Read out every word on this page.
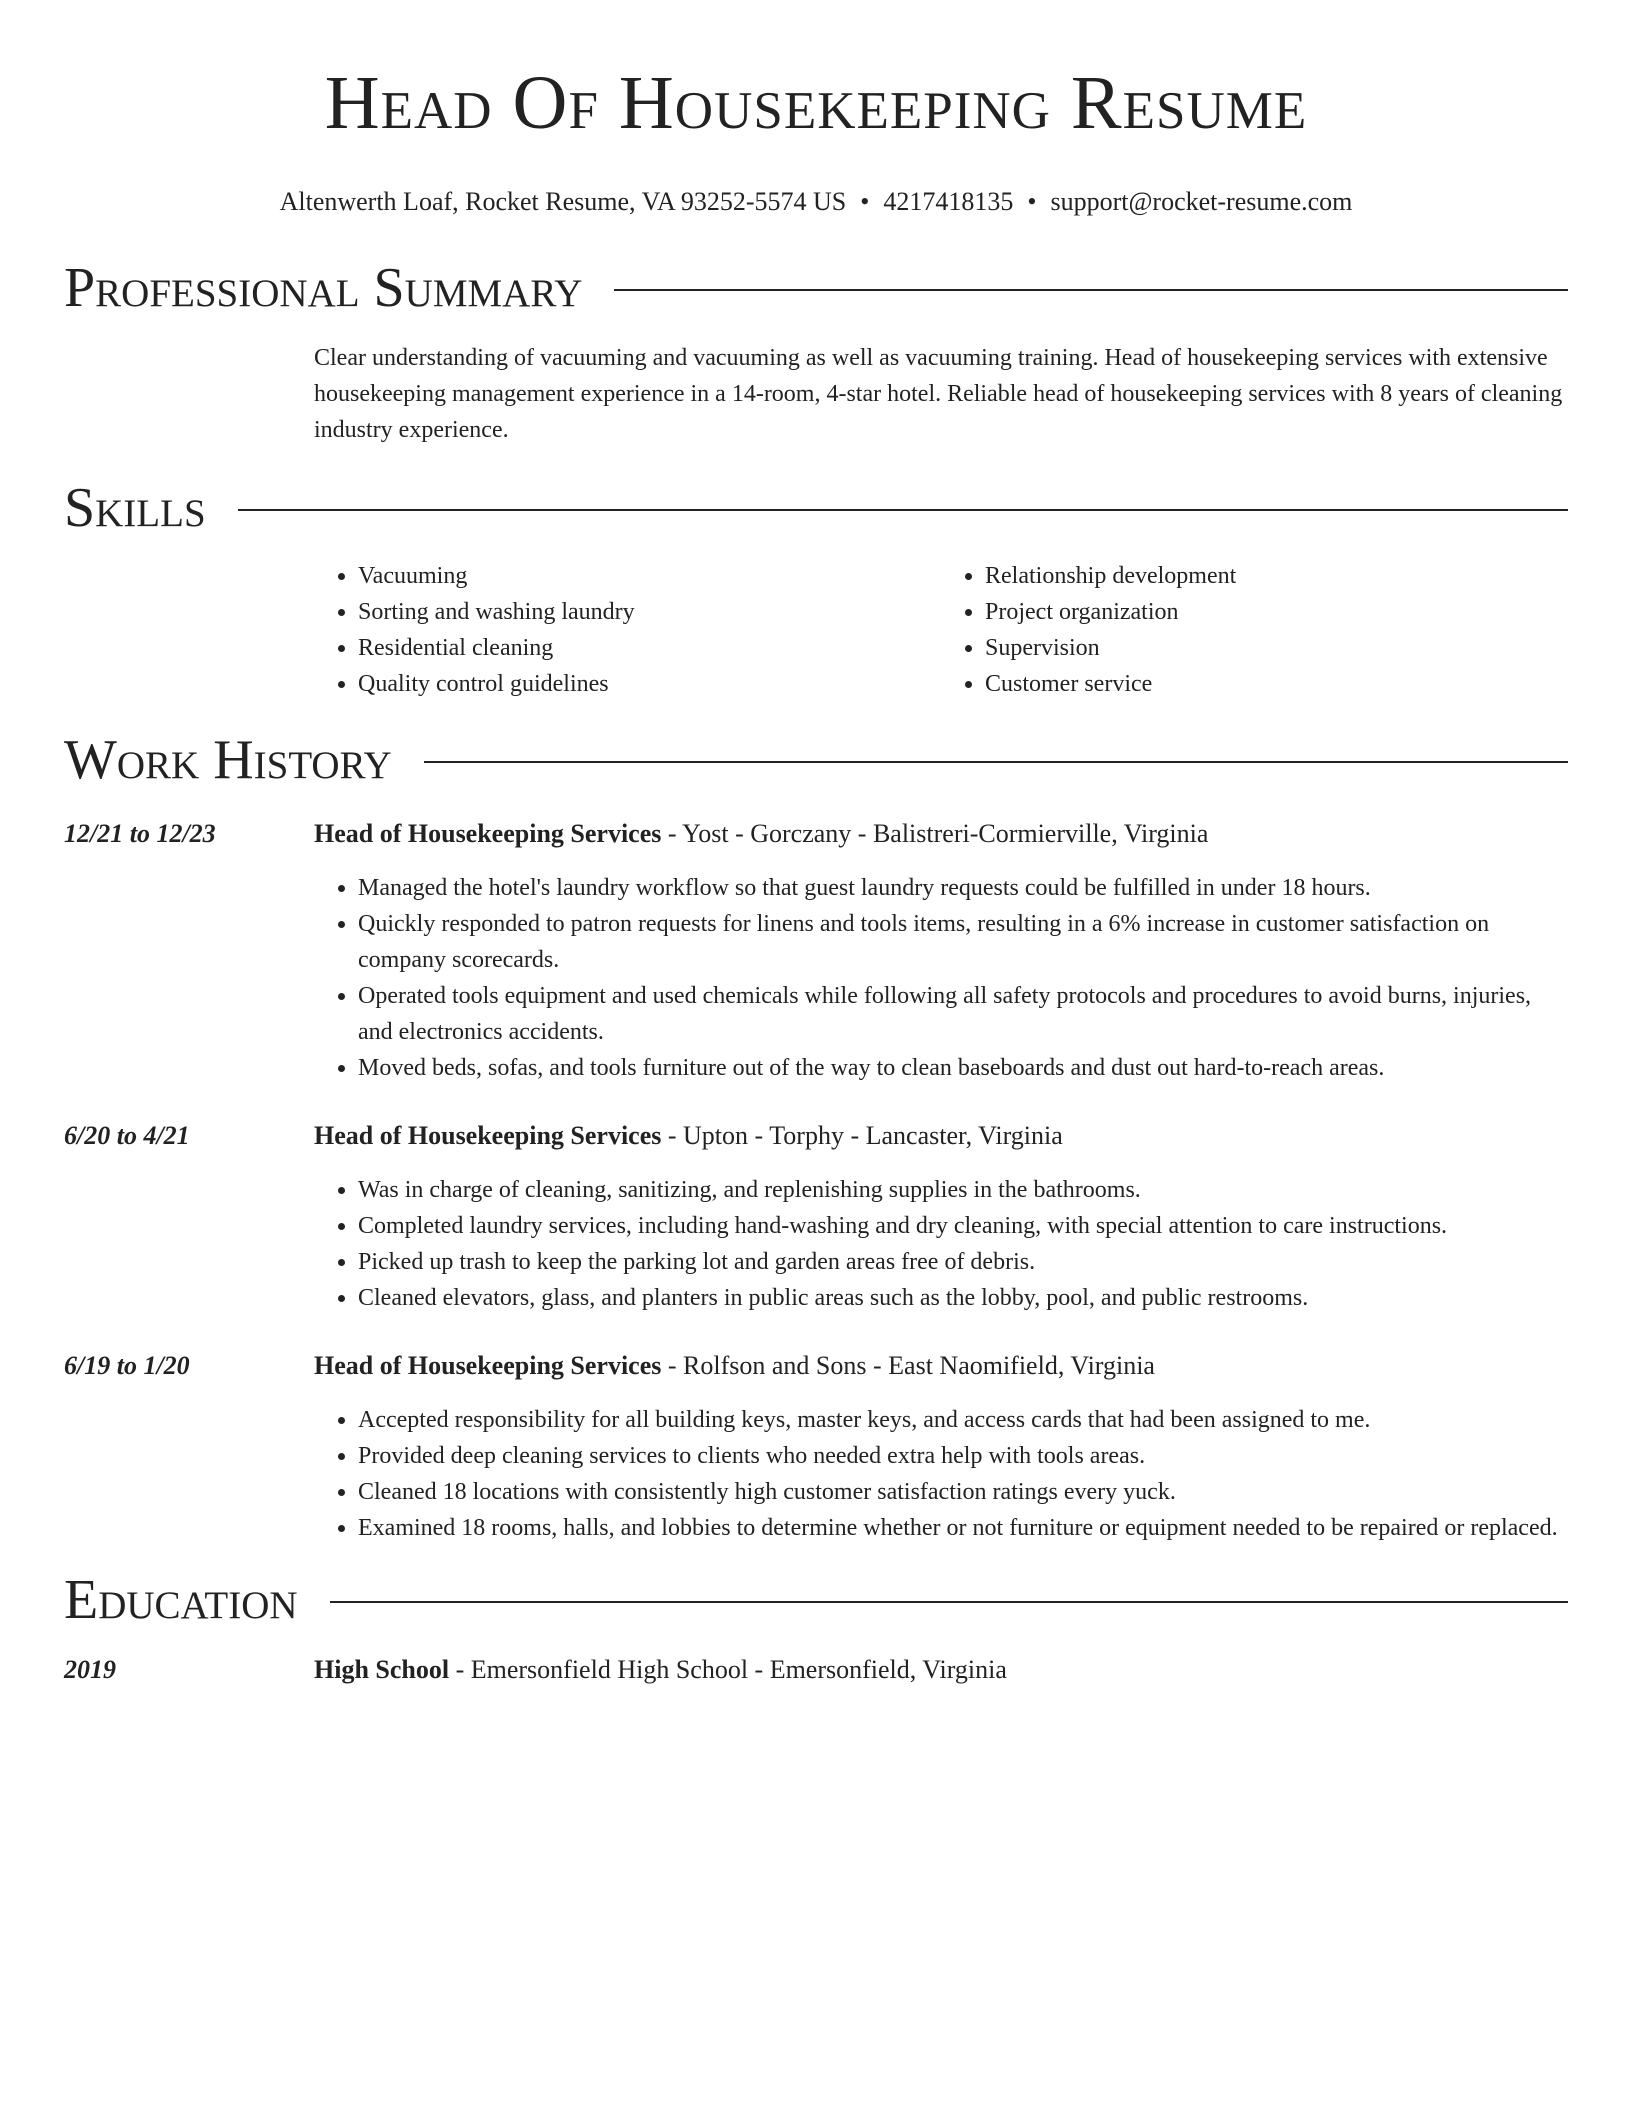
Head Of Housekeeping Resume
Altenwerth Loaf, Rocket Resume, VA 93252-5574 US • 4217418135 • support@rocket-resume.com
Professional Summary
Clear understanding of vacuuming and vacuuming as well as vacuuming training. Head of housekeeping services with extensive housekeeping management experience in a 14-room, 4-star hotel. Reliable head of housekeeping services with 8 years of cleaning industry experience.
Skills
• Vacuuming
• Sorting and washing laundry
• Residential cleaning
• Quality control guidelines
• Relationship development
• Project organization
• Supervision
• Customer service
Work History
12/21 to 12/23	Head of Housekeeping Services - Yost - Gorczany - Balistreri-Cormierville, Virginia
• Managed the hotel's laundry workflow so that guest laundry requests could be fulfilled in under 18 hours.
• Quickly responded to patron requests for linens and tools items, resulting in a 6% increase in customer satisfaction on company scorecards.
• Operated tools equipment and used chemicals while following all safety protocols and procedures to avoid burns, injuries, and electronics accidents.
• Moved beds, sofas, and tools furniture out of the way to clean baseboards and dust out hard-to-reach areas.
6/20 to 4/21	Head of Housekeeping Services - Upton - Torphy - Lancaster, Virginia
• Was in charge of cleaning, sanitizing, and replenishing supplies in the bathrooms.
• Completed laundry services, including hand-washing and dry cleaning, with special attention to care instructions.
• Picked up trash to keep the parking lot and garden areas free of debris.
• Cleaned elevators, glass, and planters in public areas such as the lobby, pool, and public restrooms.
6/19 to 1/20	Head of Housekeeping Services - Rolfson and Sons - East Naomifield, Virginia
• Accepted responsibility for all building keys, master keys, and access cards that had been assigned to me.
• Provided deep cleaning services to clients who needed extra help with tools areas.
• Cleaned 18 locations with consistently high customer satisfaction ratings every yuck.
• Examined 18 rooms, halls, and lobbies to determine whether or not furniture or equipment needed to be repaired or replaced.
Education
2019	High School - Emersonfield High School - Emersonfield, Virginia
